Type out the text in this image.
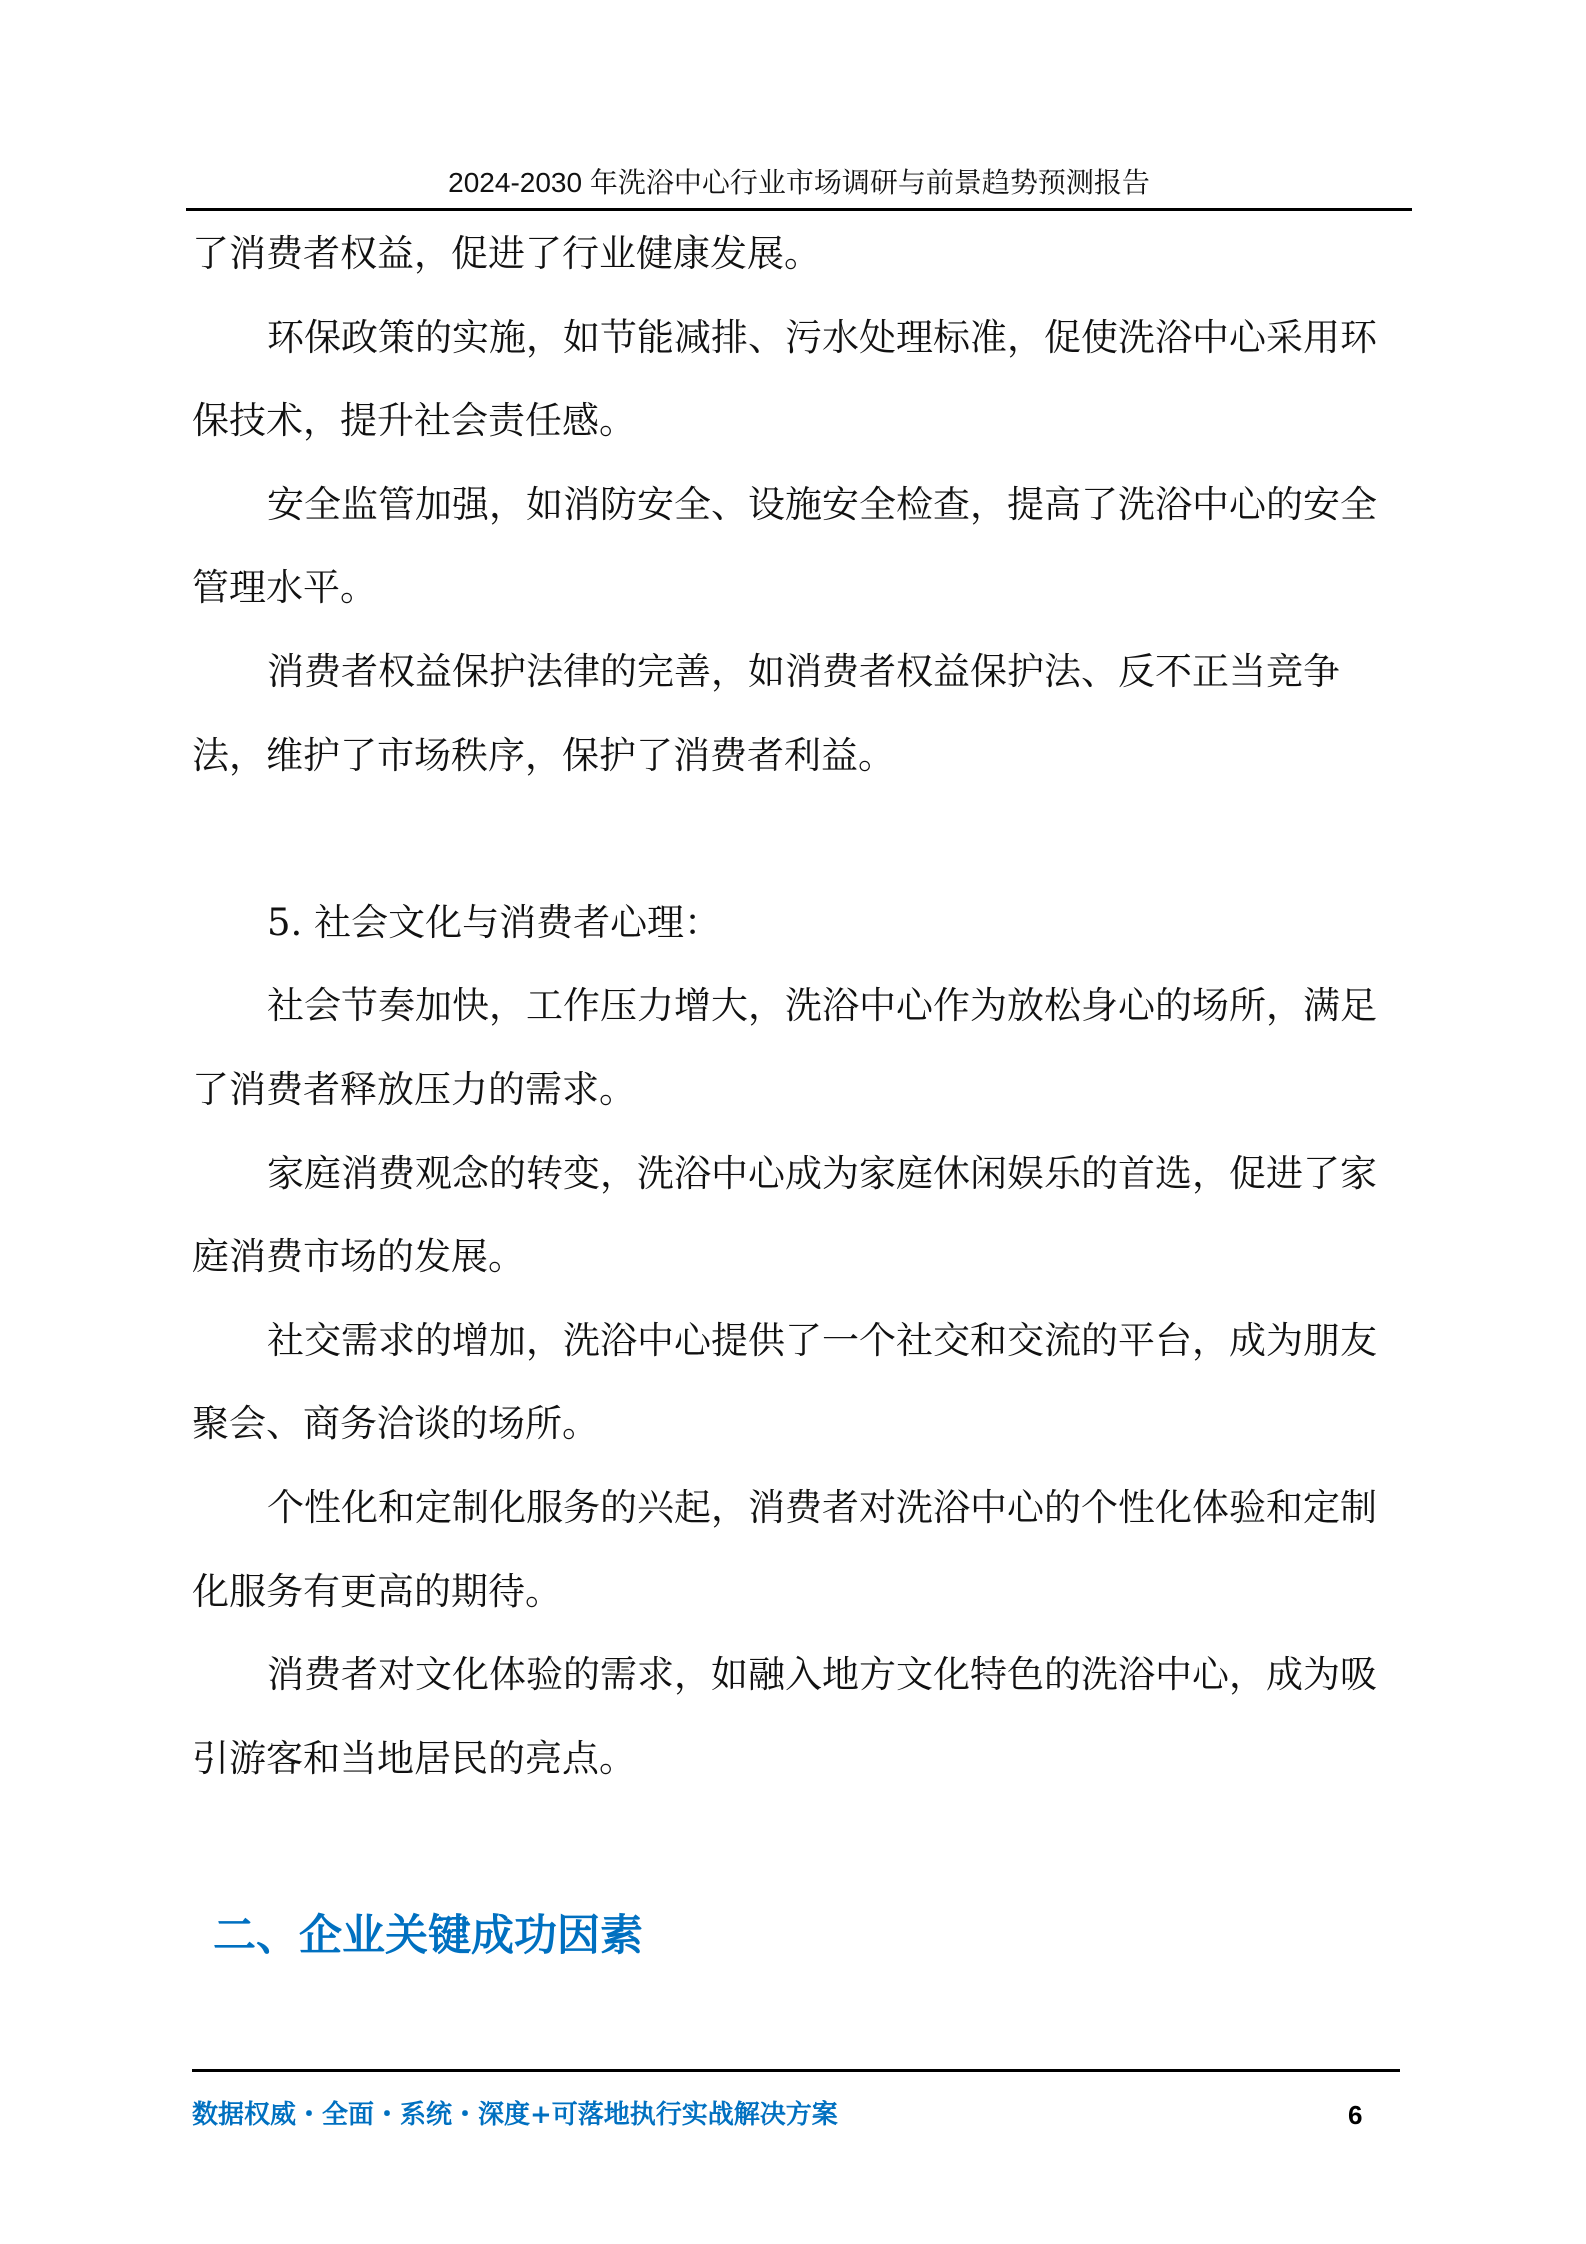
2024-2030 年洗浴中心行业市场调研与前景趋势预测报告
了消费者权益，促进了行业健康发展。
环保政策的实施，如节能减排、污水处理标准，促使洗浴中心采用环
保技术，提升社会责任感。
安全监管加强，如消防安全、设施安全检查，提高了洗浴中心的安全
管理水平。
消费者权益保护法律的完善，如消费者权益保护法、反不正当竞争
法，维护了市场秩序，保护了消费者利益。
5. 社会文化与消费者心理：
社会节奏加快，工作压力增大，洗浴中心作为放松身心的场所，满足
了消费者释放压力的需求。
家庭消费观念的转变，洗浴中心成为家庭休闲娱乐的首选，促进了家
庭消费市场的发展。
社交需求的增加，洗浴中心提供了一个社交和交流的平台，成为朋友
聚会、商务洽谈的场所。
个性化和定制化服务的兴起，消费者对洗浴中心的个性化体验和定制
化服务有更高的期待。
消费者对文化体验的需求，如融入地方文化特色的洗浴中心，成为吸
引游客和当地居民的亮点。
二、企业关键成功因素
数据权威・全面・系统・深度+可落地执行实战解决方案	6
